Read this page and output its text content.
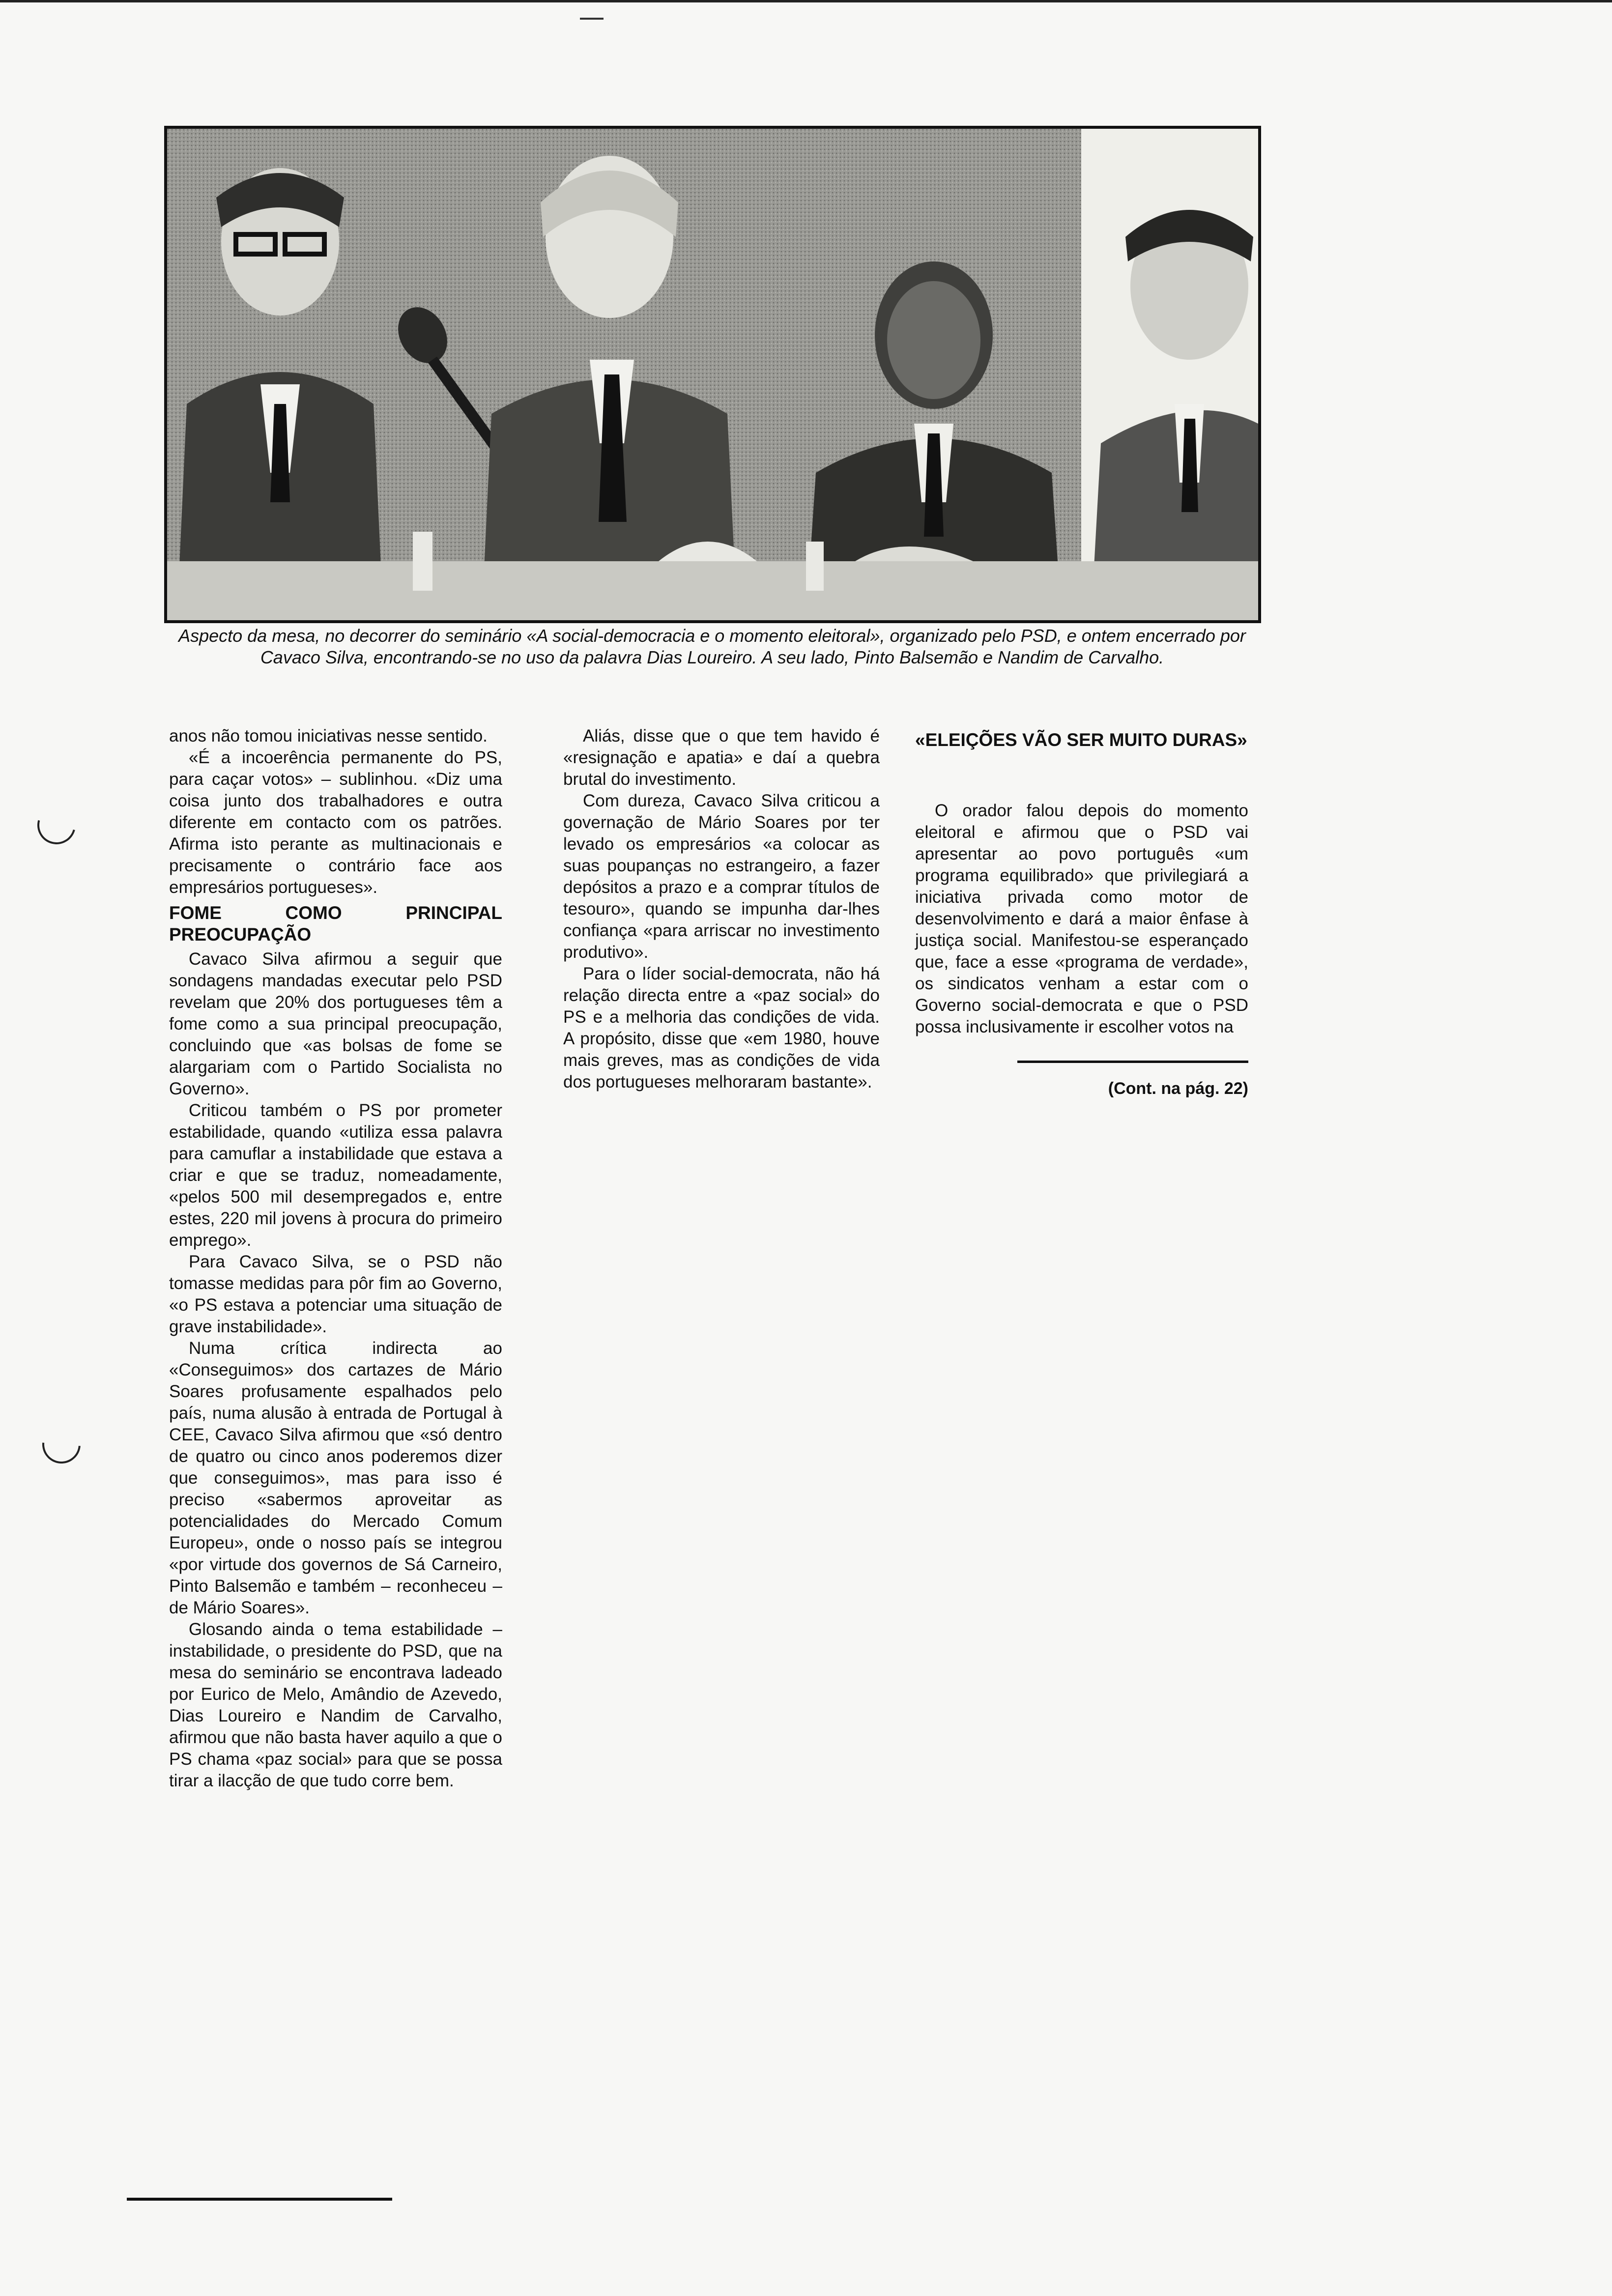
Aspecto da mesa, no decorrer do seminário «A social-democracia e o momento eleitoral», organizado pelo PSD, e ontem encerrado por Cavaco Silva, encontrando-se no uso da palavra Dias Loureiro. A seu lado, Pinto Balsemão e Nandim de Carvalho.

anos não tomou iniciativas nesse sentido.

«É a incoerência permanente do PS, para caçar votos» – sublinhou. «Diz uma coisa junto dos trabalhadores e outra diferente em contacto com os patrões. Afirma isto perante as multinacionais e precisamente o contrário face aos empresários portugueses».

FOME COMO PRINCIPAL PREOCUPAÇÃO

Cavaco Silva afirmou a seguir que sondagens mandadas executar pelo PSD revelam que 20% dos portugueses têm a fome como a sua principal preocupação, concluindo que «as bolsas de fome se alargariam com o Partido Socialista no Governo».

Criticou também o PS por prometer estabilidade, quando «utiliza essa palavra para camuflar a instabilidade que estava a criar e que se traduz, nomeadamente, «pelos 500 mil desempregados e, entre estes, 220 mil jovens à procura do primeiro emprego».

Para Cavaco Silva, se o PSD não tomasse medidas para pôr fim ao Governo, «o PS estava a potenciar uma situação de grave instabilidade».

Numa crítica indirecta ao «Conseguimos» dos cartazes de Mário Soares profusamente espalhados pelo país, numa alusão à entrada de Portugal à CEE, Cavaco Silva afirmou que «só dentro de quatro ou cinco anos poderemos dizer que conseguimos», mas para isso é preciso «sabermos aproveitar as potencialidades do Mercado Comum Europeu», onde o nosso país se integrou «por virtude dos governos de Sá Carneiro, Pinto Balsemão e também – reconheceu – de Mário Soares».

Glosando ainda o tema estabilidade – instabilidade, o presidente do PSD, que na mesa do seminário se encontrava ladeado por Eurico de Melo, Amândio de Azevedo, Dias Loureiro e Nandim de Carvalho, afirmou que não basta haver aquilo a que o PS chama «paz social» para que se possa tirar a ilacção de que tudo corre bem.

Aliás, disse que o que tem havido é «resignação e apatia» e daí a quebra brutal do investimento.

Com dureza, Cavaco Silva criticou a governação de Mário Soares por ter levado os empresários «a colocar as suas poupanças no estrangeiro, a fazer depósitos a prazo e a comprar títulos de tesouro», quando se impunha dar-lhes confiança «para arriscar no investimento produtivo».

Para o líder social-democrata, não há relação directa entre a «paz social» do PS e a melhoria das condições de vida. A propósito, disse que «em 1980, houve mais greves, mas as condições de vida dos portugueses melhoraram bastante».

«ELEIÇÕES VÃO SER MUITO DURAS»

O orador falou depois do momento eleitoral e afirmou que o PSD vai apresentar ao povo português «um programa equilibrado» que privilegiará a iniciativa privada como motor de desenvolvimento e dará a maior ênfase à justiça social. Manifestou-se esperançado que, face a esse «programa de verdade», os sindicatos venham a estar com o Governo social-democrata e que o PSD possa inclusivamente ir escolher votos na

(Cont. na pág. 22)
